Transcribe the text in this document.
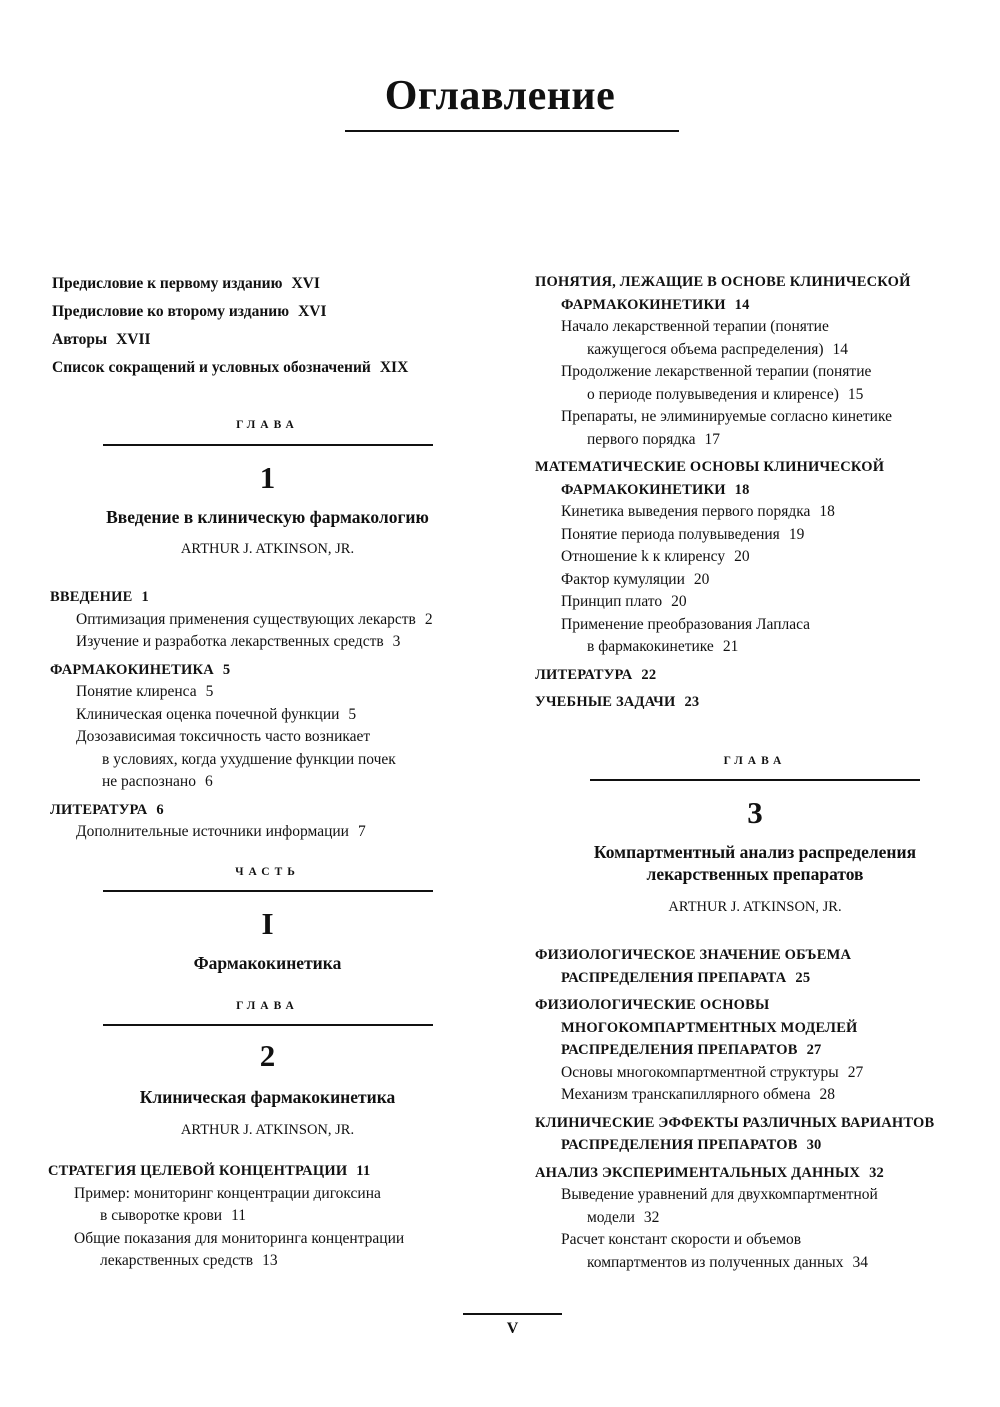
Оглавление
Предисловие к первому изданию XVI
Предисловие ко второму изданию XVI
Авторы XVII
Список сокращений и условных обозначений XIX
ГЛАВА
1
Введение в клиническую фармакологию
ARTHUR J. ATKINSON, JR.
ВВЕДЕНИЕ 1
Оптимизация применения существующих лекарств 2
Изучение и разработка лекарственных средств 3
ФАРМАКОКИНЕТИКА 5
Понятие клиренса 5
Клиническая оценка почечной функции 5
Дозозависимая токсичность часто возникает
в условиях, когда ухудшение функции почек
не распознано 6
ЛИТЕРАТУРА 6
Дополнительные источники информации 7
ЧАСТЬ
I
Фармакокинетика
ГЛАВА
2
Клиническая фармакокинетика
ARTHUR J. ATKINSON, JR.
СТРАТЕГИЯ ЦЕЛЕВОЙ КОНЦЕНТРАЦИИ 11
Пример: мониторинг концентрации дигоксина
в сыворотке крови 11
Общие показания для мониторинга концентрации
лекарственных средств 13
ПОНЯТИЯ, ЛЕЖАЩИЕ В ОСНОВЕ КЛИНИЧЕСКОЙ
ФАРМАКОКИНЕТИКИ 14
Начало лекарственной терапии (понятие
кажущегося объема распределения) 14
Продолжение лекарственной терапии (понятие
о периоде полувыведения и клиренсе) 15
Препараты, не элиминируемые согласно кинетике
первого порядка 17
МАТЕМАТИЧЕСКИЕ ОСНОВЫ КЛИНИЧЕСКОЙ
ФАРМАКОКИНЕТИКИ 18
Кинетика выведения первого порядка 18
Понятие периода полувыведения 19
Отношение k к клиренсу 20
Фактор кумуляции 20
Принцип плато 20
Применение преобразования Лапласа
в фармакокинетике 21
ЛИТЕРАТУРА 22
УЧЕБНЫЕ ЗАДАЧИ 23
ГЛАВА
3
Компартментный анализ распределения
лекарственных препаратов
ARTHUR J. ATKINSON, JR.
ФИЗИОЛОГИЧЕСКОЕ ЗНАЧЕНИЕ ОБЪЕМА
РАСПРЕДЕЛЕНИЯ ПРЕПАРАТА 25
ФИЗИОЛОГИЧЕСКИЕ ОСНОВЫ
МНОГОКОМПАРТМЕНТНЫХ МОДЕЛЕЙ
РАСПРЕДЕЛЕНИЯ ПРЕПАРАТОВ 27
Основы многокомпартментной структуры 27
Механизм транскапиллярного обмена 28
КЛИНИЧЕСКИЕ ЭФФЕКТЫ РАЗЛИЧНЫХ ВАРИАНТОВ
РАСПРЕДЕЛЕНИЯ ПРЕПАРАТОВ 30
АНАЛИЗ ЭКСПЕРИМЕНТАЛЬНЫХ ДАННЫХ 32
Выведение уравнений для двухкомпартментной
модели 32
Расчет констант скорости и объемов
компартментов из полученных данных 34
V
